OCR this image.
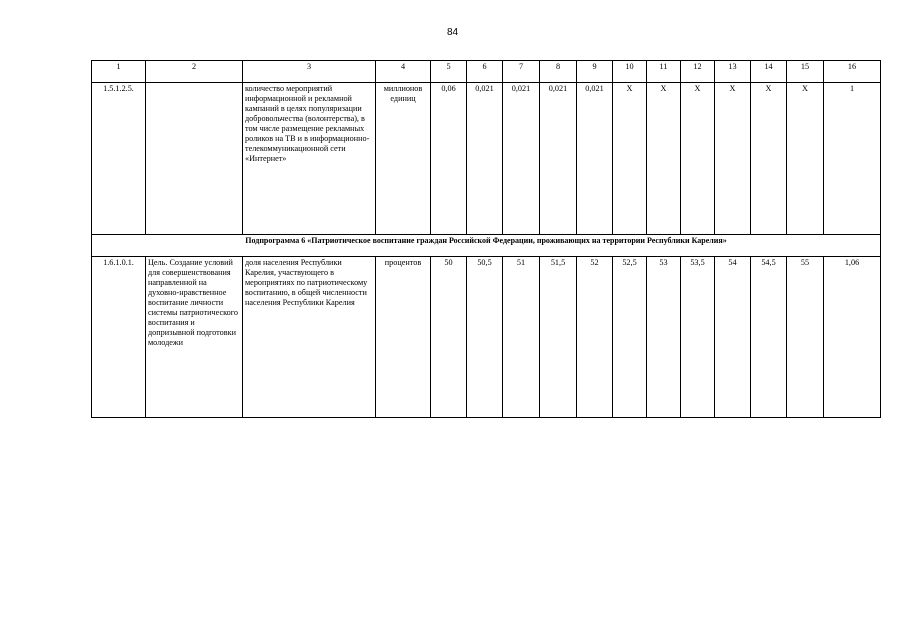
84
1	2	3	4	5	6	7	8	9	10	11	12	13	14	15	16
1.5.1.2.5.		количество мероприятий информационной и рекламной кампаний в целях популяризации добровольчества (волонтерства), в том числе размещение рекламных роликов на ТВ и в информационно-телекоммуникационной сети «Интернет»	миллионов единиц	0,06	0,021	0,021	0,021	0,021	X	X	X	X	X	X	1
Подпрограмма 6 «Патриотическое воспитание граждан Российской Федерации, проживающих на территории Республики Карелия»															
1.6.1.0.1.	Цель. Создание условий для совершенствования направленной на духовно-нравственное воспитание личности системы патриотического воспитания и допризывной подготовки молодежи	доля населения Республики Карелия, участвующего в мероприятиях по патриотическому воспитанию, в общей численности населения Республики Карелия	процентов	50	50,5	51	51,5	52	52,5	53	53,5	54	54,5	55	1,06
